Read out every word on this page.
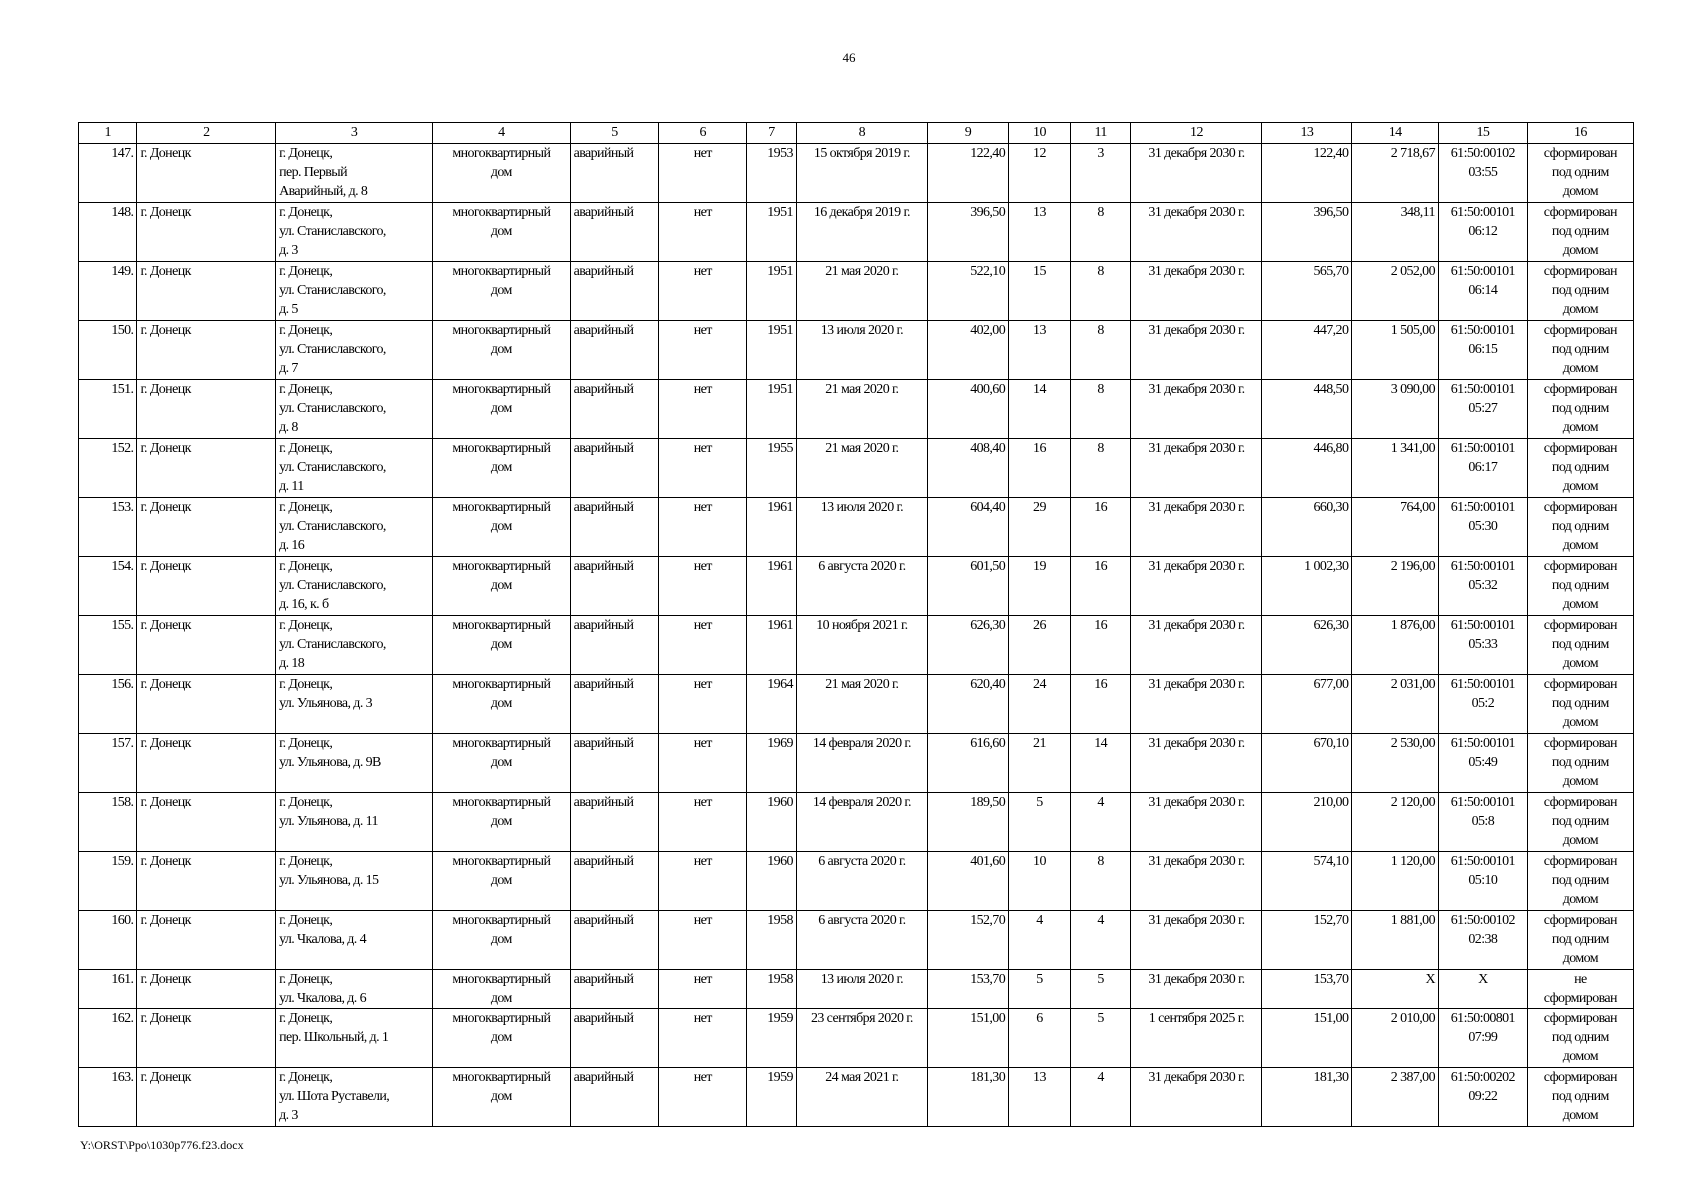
46
1	2	3	4	5	6	7	8	9	10	11	12	13	14	15	16
147.	г. Донецк	г. Донецк,
пер. Первый
Аварийный, д. 8	многоквартирный
дом	аварийный	нет	1953	15 октября 2019 г.	122,40	12	3	31 декабря 2030 г.	122,40	2 718,67	61:50:00102
03:55	сформирован
под одним
домом

148.	г. Донецк	г. Донецк,
ул. Станиславского,
д. 3	многоквартирный
дом	аварийный	нет	1951	16 декабря 2019 г.	396,50	13	8	31 декабря 2030 г.	396,50	348,11	61:50:00101
06:12	сформирован
под одним
домом

149.	г. Донецк	г. Донецк,
ул. Станиславского,
д. 5	многоквартирный
дом	аварийный	нет	1951	21 мая 2020 г.	522,10	15	8	31 декабря 2030 г.	565,70	2 052,00	61:50:00101
06:14	сформирован
под одним
домом

150.	г. Донецк	г. Донецк,
ул. Станиславского,
д. 7	многоквартирный
дом	аварийный	нет	1951	13 июля 2020 г.	402,00	13	8	31 декабря 2030 г.	447,20	1 505,00	61:50:00101
06:15	сформирован
под одним
домом

151.	г. Донецк	г. Донецк,
ул. Станиславского,
д. 8	многоквартирный
дом	аварийный	нет	1951	21 мая 2020 г.	400,60	14	8	31 декабря 2030 г.	448,50	3 090,00	61:50:00101
05:27	сформирован
под одним
домом

152.	г. Донецк	г. Донецк,
ул. Станиславского,
д. 11	многоквартирный
дом	аварийный	нет	1955	21 мая 2020 г.	408,40	16	8	31 декабря 2030 г.	446,80	1 341,00	61:50:00101
06:17	сформирован
под одним
домом

153.	г. Донецк	г. Донецк,
ул. Станиславского,
д. 16	многоквартирный
дом	аварийный	нет	1961	13 июля 2020 г.	604,40	29	16	31 декабря 2030 г.	660,30	764,00	61:50:00101
05:30	сформирован
под одним
домом

154.	г. Донецк	г. Донецк,
ул. Станиславского,
д. 16, к. б	многоквартирный
дом	аварийный	нет	1961	6 августа 2020 г.	601,50	19	16	31 декабря 2030 г.	1 002,30	2 196,00	61:50:00101
05:32	сформирован
под одним
домом

155.	г. Донецк	г. Донецк,
ул. Станиславского,
д. 18	многоквартирный
дом	аварийный	нет	1961	10 ноября 2021 г.	626,30	26	16	31 декабря 2030 г.	626,30	1 876,00	61:50:00101
05:33	сформирован
под одним
домом

156.	г. Донецк	г. Донецк,
ул. Ульянова, д. 3	многоквартирный
дом	аварийный	нет	1964	21 мая 2020 г.	620,40	24	16	31 декабря 2030 г.	677,00	2 031,00	61:50:00101
05:2	сформирован
под одним
домом

157.	г. Донецк	г. Донецк,
ул. Ульянова, д. 9В	многоквартирный
дом	аварийный	нет	1969	14 февраля 2020 г.	616,60	21	14	31 декабря 2030 г.	670,10	2 530,00	61:50:00101
05:49	сформирован
под одним
домом

158.	г. Донецк	г. Донецк,
ул. Ульянова, д. 11	многоквартирный
дом	аварийный	нет	1960	14 февраля 2020 г.	189,50	5	4	31 декабря 2030 г.	210,00	2 120,00	61:50:00101
05:8	сформирован
под одним
домом

159.	г. Донецк	г. Донецк,
ул. Ульянова, д. 15	многоквартирный
дом	аварийный	нет	1960	6 августа 2020 г.	401,60	10	8	31 декабря 2030 г.	574,10	1 120,00	61:50:00101
05:10	сформирован
под одним
домом

160.	г. Донецк	г. Донецк,
ул. Чкалова, д. 4	многоквартирный
дом	аварийный	нет	1958	6 августа 2020 г.	152,70	4	4	31 декабря 2030 г.	152,70	1 881,00	61:50:00102
02:38	сформирован
под одним
домом

161.	г. Донецк	г. Донецк,
ул. Чкалова, д. 6	многоквартирный
дом	аварийный	нет	1958	13 июля 2020 г.	153,70	5	5	31 декабря 2030 г.	153,70	Х	Х	не
сформирован

162.	г. Донецк	г. Донецк,
пер. Школьный, д. 1	многоквартирный
дом	аварийный	нет	1959	23 сентября 2020 г.	151,00	6	5	1 сентября 2025 г.	151,00	2 010,00	61:50:00801
07:99	сформирован
под одним
домом

163.	г. Донецк	г. Донецк,
ул. Шота Руставели,
д. 3	многоквартирный
дом	аварийный	нет	1959	24 мая 2021 г.	181,30	13	4	31 декабря 2030 г.	181,30	2 387,00	61:50:00202
09:22	сформирован
под одним
домом
Y:\ORST\Ppo\1030p776.f23.docx
